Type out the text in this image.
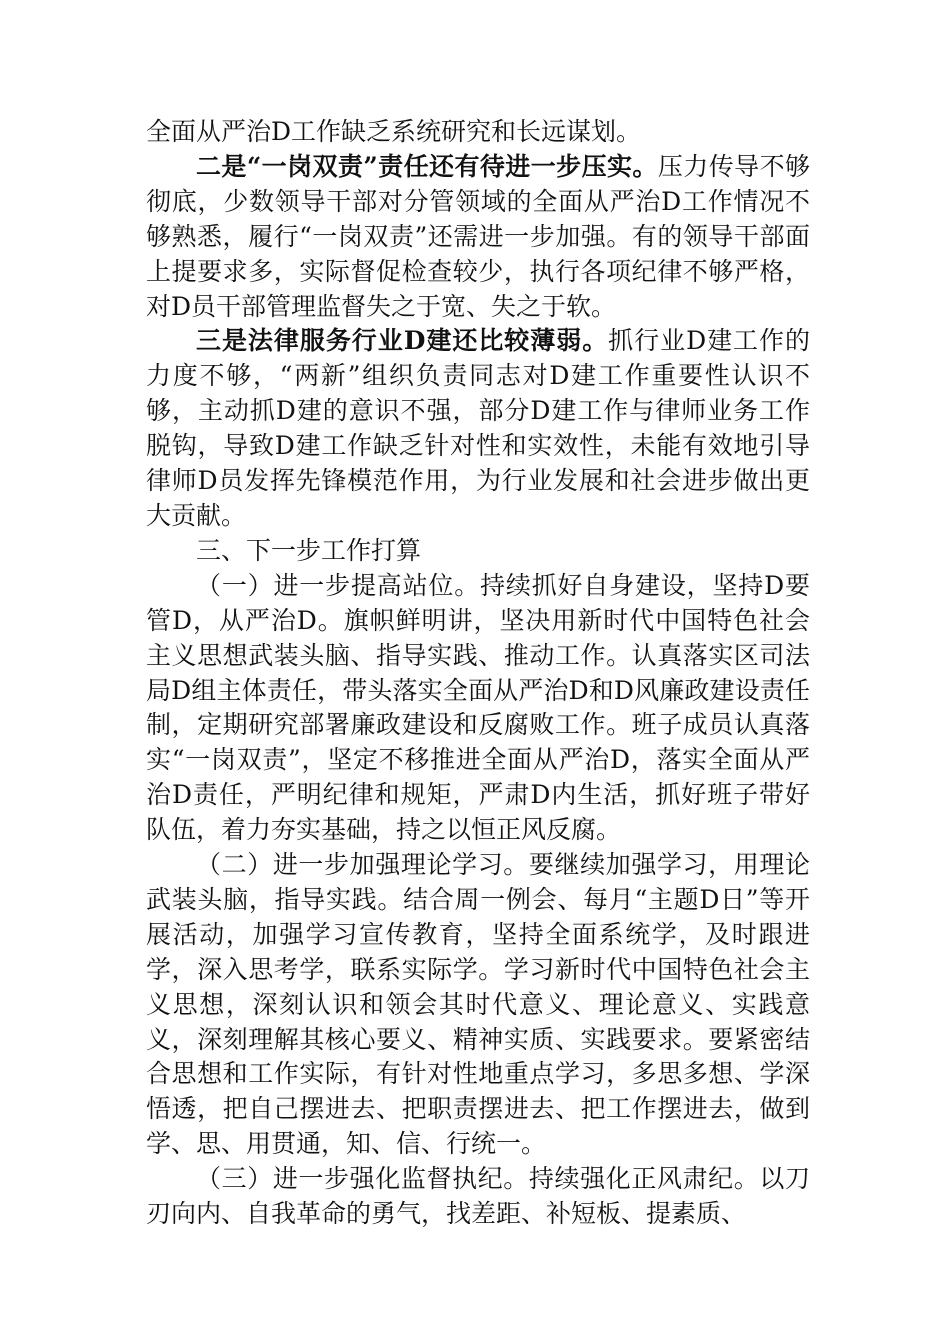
全面从严治D工作缺乏系统研究和长远谋划。

二是“一岗双责”责任还有待进一步压实。压力传导不够彻底，少数领导干部对分管领域的全面从严治D工作情况不够熟悉，履行“一岗双责”还需进一步加强。有的领导干部面上提要求多，实际督促检查较少，执行各项纪律不够严格，对D员干部管理监督失之于宽、失之于软。

三是法律服务行业D建还比较薄弱。抓行业D建工作的力度不够，“两新”组织负责同志对D建工作重要性认识不够，主动抓D建的意识不强，部分D建工作与律师业务工作脱钩，导致D建工作缺乏针对性和实效性，未能有效地引导律师D员发挥先锋模范作用，为行业发展和社会进步做出更大贡献。

三、下一步工作打算

（一）进一步提高站位。持续抓好自身建设，坚持D要管D，从严治D。旗帜鲜明讲，坚决用新时代中国特色社会主义思想武装头脑、指导实践、推动工作。认真落实区司法局D组主体责任，带头落实全面从严治D和D风廉政建设责任制，定期研究部署廉政建设和反腐败工作。班子成员认真落实“一岗双责”，坚定不移推进全面从严治D，落实全面从严治D责任，严明纪律和规矩，严肃D内生活，抓好班子带好队伍，着力夯实基础，持之以恒正风反腐。

（二）进一步加强理论学习。要继续加强学习，用理论武装头脑，指导实践。结合周一例会、每月“主题D日”等开展活动，加强学习宣传教育，坚持全面系统学，及时跟进学，深入思考学，联系实际学。学习新时代中国特色社会主义思想，深刻认识和领会其时代意义、理论意义、实践意义，深刻理解其核心要义、精神实质、实践要求。要紧密结合思想和工作实际，有针对性地重点学习，多思多想、学深悟透，把自己摆进去、把职责摆进去、把工作摆进去，做到学、思、用贯通，知、信、行统一。

（三）进一步强化监督执纪。持续强化正风肃纪。以刀刃向内、自我革命的勇气，找差距、补短板、提素质、
